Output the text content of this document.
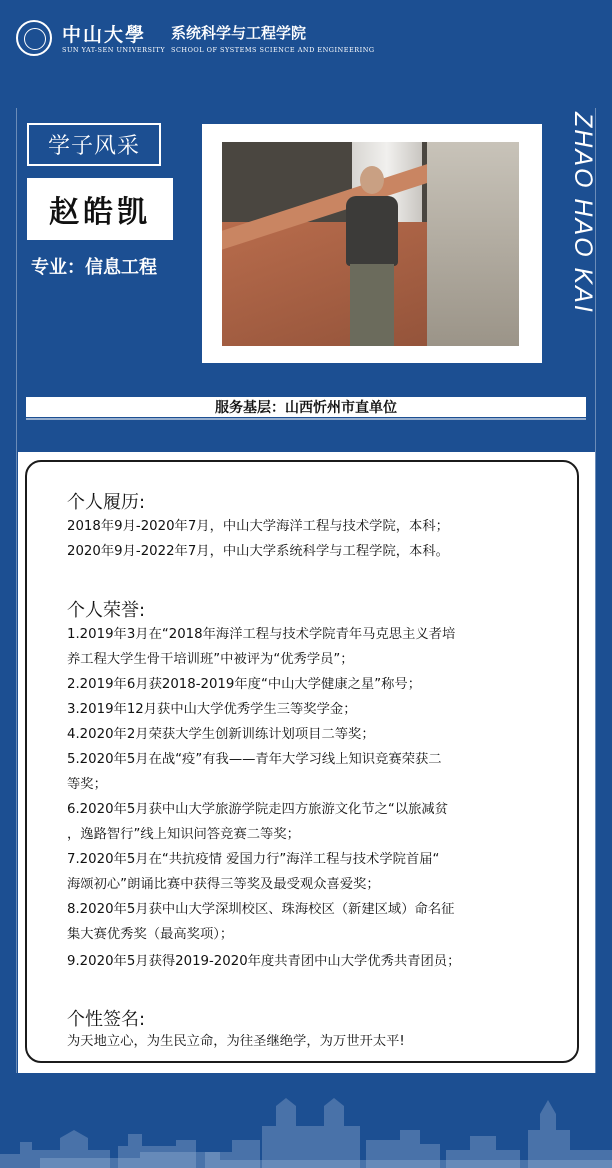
中山大學
SUN YAT-SEN UNIVERSITY
系统科学与工程学院
SCHOOL OF SYSTEMS SCIENCE AND ENGINEERING
学子风采
赵皓凯
专业：信息工程	ZHAO HAO KAI
服务基层：山西忻州市直单位
个人履历:
2018年9月-2020年7月，中山大学海洋工程与技术学院，本科；
2020年9月-2022年7月，中山大学系统科学与工程学院，本科。
个人荣誉:
1.2019年3月在“2018年海洋工程与技术学院青年马克思主义者培
养工程大学生骨干培训班”中被评为“优秀学员”；
2.2019年6月获2018-2019年度“中山大学健康之星”称号；
3.2019年12月获中山大学优秀学生三等奖学金；
4.2020年2月荣获大学生创新训练计划项目二等奖；
5.2020年5月在战“疫”有我——青年大学习线上知识竞赛荣获二
等奖；
6.2020年5月获中山大学旅游学院走四方旅游文化节之“以旅减贫
，逸路智行”线上知识问答竞赛二等奖；
7.2020年5月在“共抗疫情 爱国力行”海洋工程与技术学院首届“
海颂初心”朗诵比赛中获得三等奖及最受观众喜爱奖；
8.2020年5月获中山大学深圳校区、珠海校区（新建区域）命名征
集大赛优秀奖（最高奖项）；
9.2020年5月获得2019-2020年度共青团中山大学优秀共青团员；
个性签名:
为天地立心，为生民立命，为往圣继绝学，为万世开太平!
